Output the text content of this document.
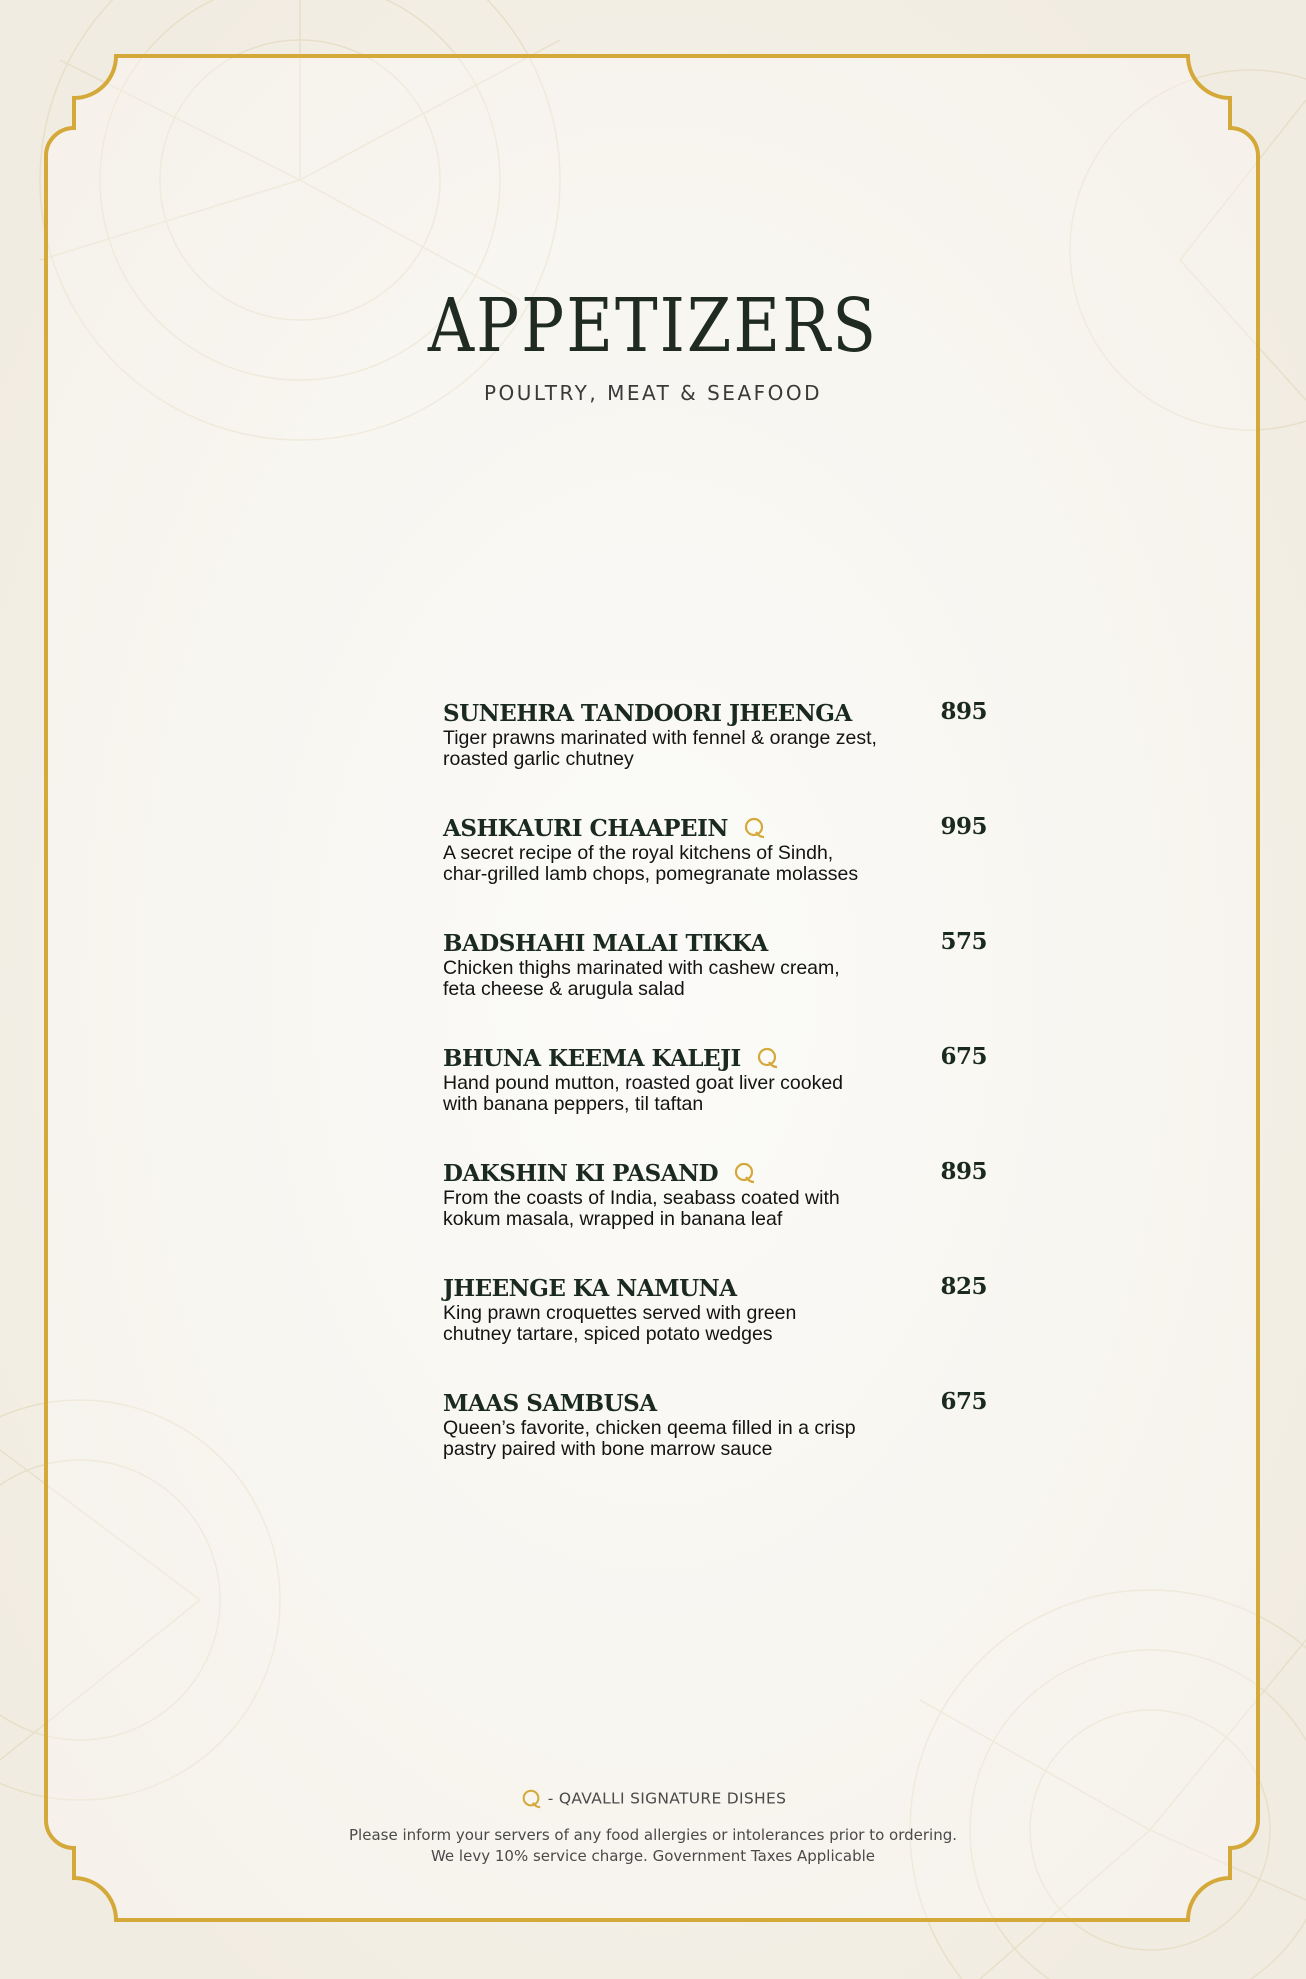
APPETIZERS
POULTRY, MEAT & SEAFOOD
SUNEHRA TANDOORI JHEENGA	895
Tiger prawns marinated with fennel & orange zest,
roasted garlic chutney
ASHKAURI CHAAPEIN	995
A secret recipe of the royal kitchens of Sindh,
char-grilled lamb chops, pomegranate molasses
BADSHAHI MALAI TIKKA	575
Chicken thighs marinated with cashew cream,
feta cheese & arugula salad
BHUNA KEEMA KALEJI	675
Hand pound mutton, roasted goat liver cooked
with banana peppers, til taftan
DAKSHIN KI PASAND	895
From the coasts of India, seabass coated with
kokum masala, wrapped in banana leaf
JHEENGE KA NAMUNA	825
King prawn croquettes served with green
chutney tartare, spiced potato wedges
MAAS SAMBUSA	675
Queen’s favorite, chicken qeema filled in a crisp
pastry paired with bone marrow sauce
- QAVALLI SIGNATURE DISHES
Please inform your servers of any food allergies or intolerances prior to ordering.
We levy 10% service charge. Government Taxes Applicable
